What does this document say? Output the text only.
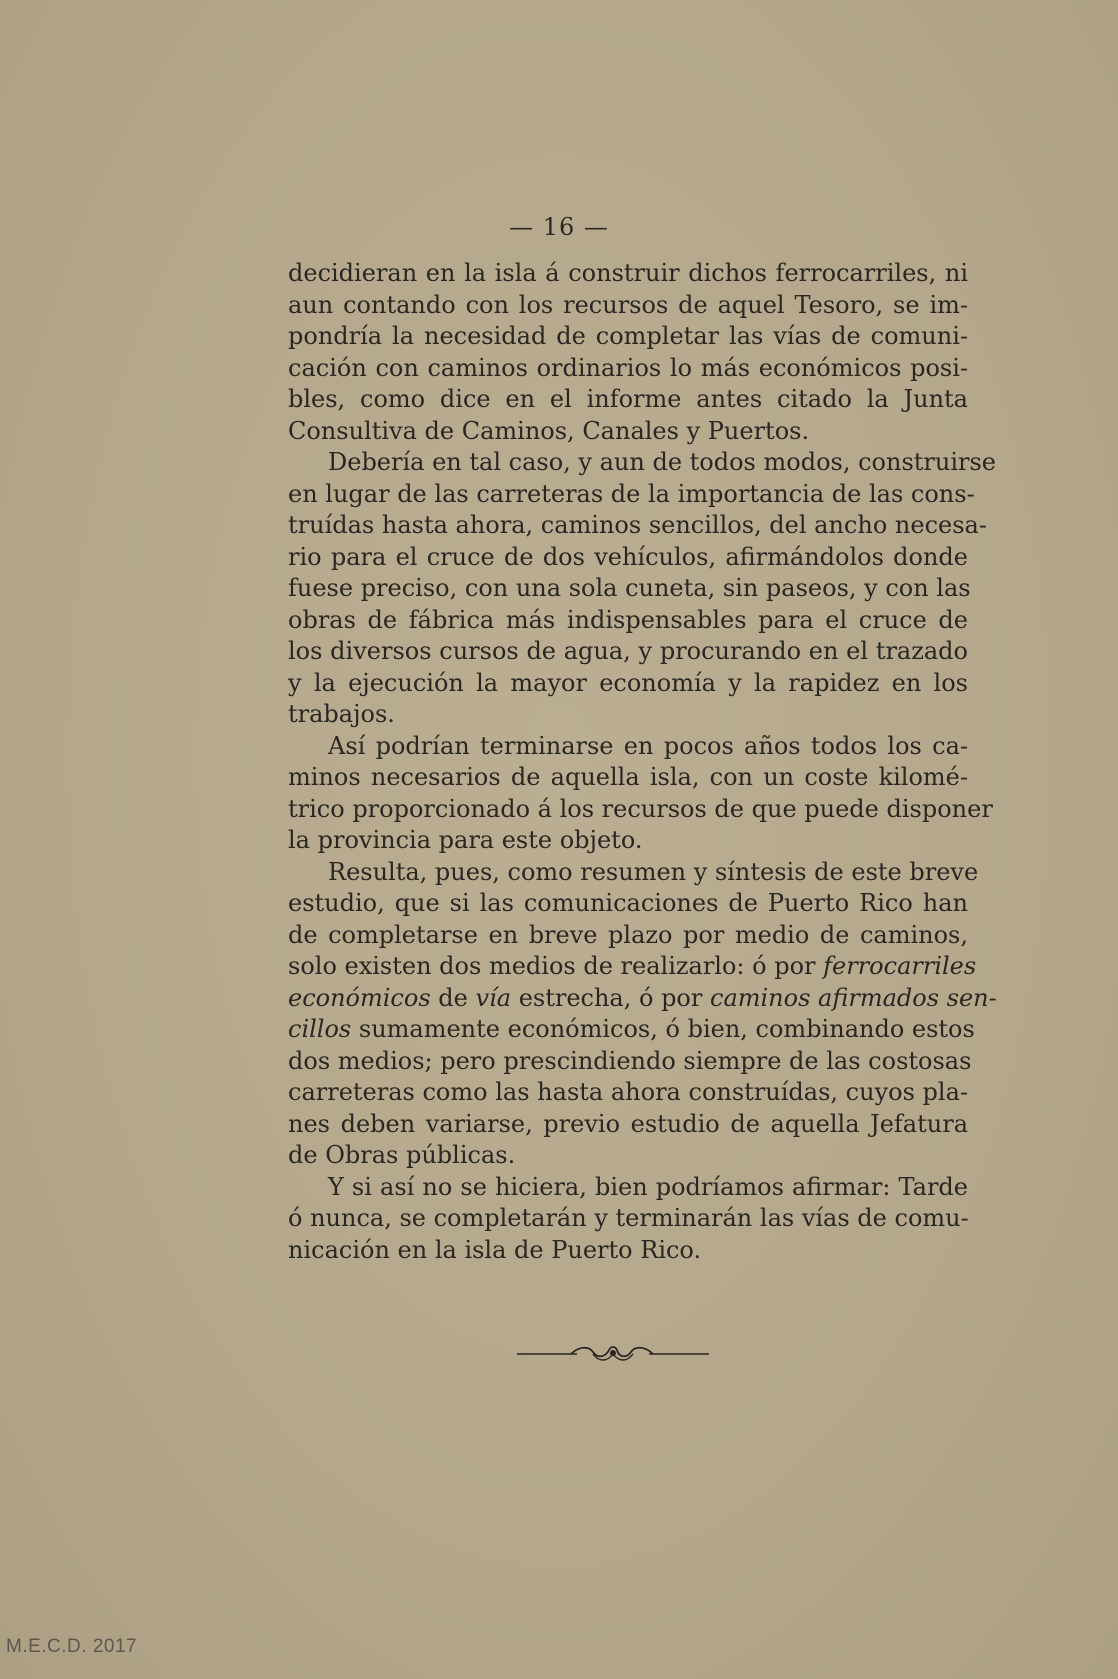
— 16 —
decidieran en la isla á construir dichos ferrocarriles, ni
aun contando con los recursos de aquel Tesoro, se im-
pondría la necesidad de completar las vías de comuni-
cación con caminos ordinarios lo más económicos posi-
bles, como dice en el informe antes citado la Junta
Consultiva de Caminos, Canales y Puertos.
Debería en tal caso, y aun de todos modos, construirse
en lugar de las carreteras de la importancia de las cons-
truídas hasta ahora, caminos sencillos, del ancho necesa-
rio para el cruce de dos vehículos, afirmándolos donde
fuese preciso, con una sola cuneta, sin paseos, y con las
obras de fábrica más indispensables para el cruce de
los diversos cursos de agua, y procurando en el trazado
y la ejecución la mayor economía y la rapidez en los
trabajos.
Así podrían terminarse en pocos años todos los ca-
minos necesarios de aquella isla, con un coste kilomé-
trico proporcionado á los recursos de que puede disponer
la provincia para este objeto.
Resulta, pues, como resumen y síntesis de este breve
estudio, que si las comunicaciones de Puerto Rico han
de completarse en breve plazo por medio de caminos,
solo existen dos medios de realizarlo: ó por ferrocarriles
económicos de vía estrecha, ó por caminos afirmados sen-
cillos sumamente económicos, ó bien, combinando estos
dos medios; pero prescindiendo siempre de las costosas
carreteras como las hasta ahora construídas, cuyos pla-
nes deben variarse, previo estudio de aquella Jefatura
de Obras públicas.
Y si así no se hiciera, bien podríamos afirmar: Tarde
ó nunca, se completarán y terminarán las vías de comu-
nicación en la isla de Puerto Rico.
M.E.C.D. 2017
